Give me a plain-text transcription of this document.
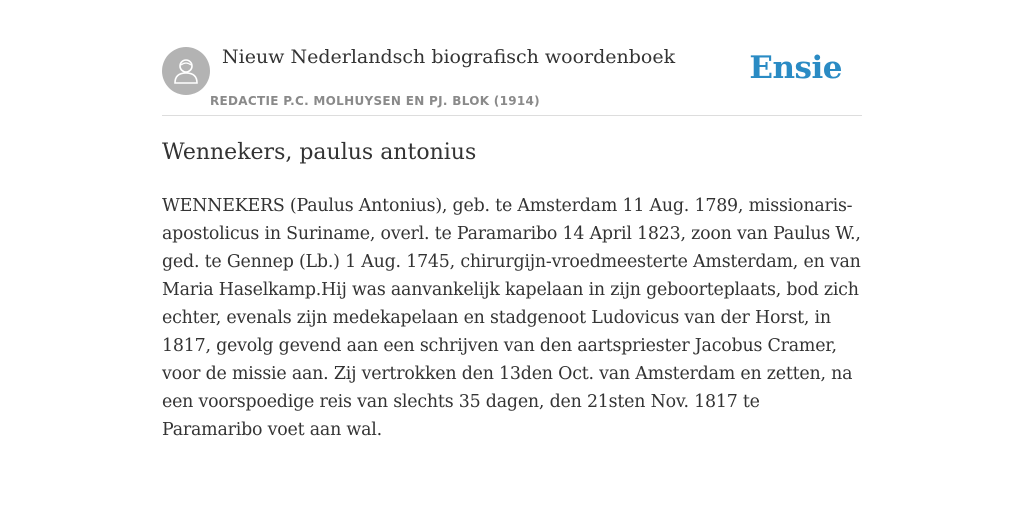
Nieuw Nederlandsch biografisch woordenboek
REDACTIE P.C. MOLHUYSEN EN PJ. BLOK (1914)
Ensie
Wennekers, paulus antonius

WENNEKERS (Paulus Antonius), geb. te Amsterdam 11 Aug. 1789, missionaris-apostolicus in Suriname, overl. te Paramaribo 14 April 1823, zoon van Paulus W., ged. te Gennep (Lb.) 1 Aug. 1745, chirurgijn-vroedmeesterte Amsterdam, en van Maria Haselkamp.Hij was aanvankelijk kapelaan in zijn geboorteplaats, bod zich echter, evenals zijn medekapelaan en stadgenoot Ludovicus van der Horst, in 1817, gevolg gevend aan een schrijven van den aartspriester Jacobus Cramer, voor de missie aan. Zij vertrokken den 13den Oct. van Amsterdam en zetten, na een voorspoedige reis van slechts 35 dagen, den 21sten Nov. 1817 te Paramaribo voet aan wal.
